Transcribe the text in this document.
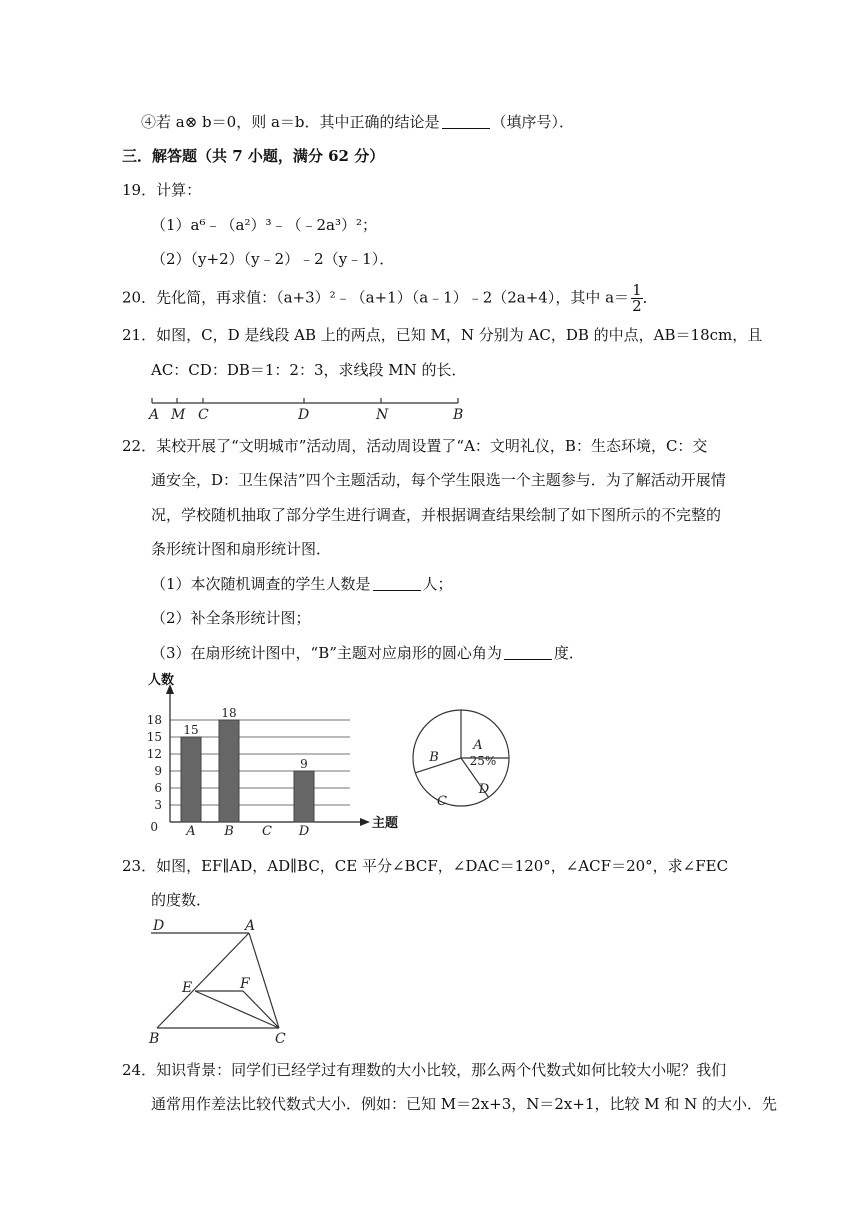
④若 a⊗ b＝0，则 a＝b．其中正确的结论是	（填序号）．
三．解答题（共 7 小题，满分 62 分）
19．计算：
（1）a⁶﹣（a²）³﹣（﹣2a³）²；
（2）（y+2）（y﹣2）﹣2（y﹣1）．
20．先化简，再求值：（a+3）²﹣（a+1）（a﹣1）﹣2（2a+4），其中 $a= \frac{1}{2}$ ．
21．如图，C，D 是线段 AB 上的两点，已知 M，N 分别为 AC，DB 的中点，AB＝18cm，且
AC：CD：DB＝1：2：3，求线段 MN 的长．
A M C	D	N	B
22．某校开展了“文明城市”活动周，活动周设置了“A：文明礼仪，B：生态环境，C：交
通安全，D：卫生保洁”四个主题活动，每个学生限选一个主题参与．为了解活动开展情
况，学校随机抽取了部分学生进行调查，并根据调查结果绘制了如下图所示的不完整的
条形统计图和扇形统计图．
（1）本次随机调查的学生人数是	人；
（2）补全条形统计图；
（3）在扇形统计图中，“B”主题对应扇形的圆心角为	度．
0
3
6
9
12
15
18
人数
主题
15
A
18
B C
9
D
A
B
C
D
25%
23．如图，EF∥AD，AD∥BC，CE 平分∠BCF，∠DAC＝120°，∠ACF＝20°，求∠FEC
的度数．
D	A
E	F
B	C
24．知识背景：同学们已经学过有理数的大小比较，那么两个代数式如何比较大小呢？我们
通常用作差法比较代数式大小．例如：已知 M＝2x+3，N＝2x+1，比较 M 和 N 的大小．先
